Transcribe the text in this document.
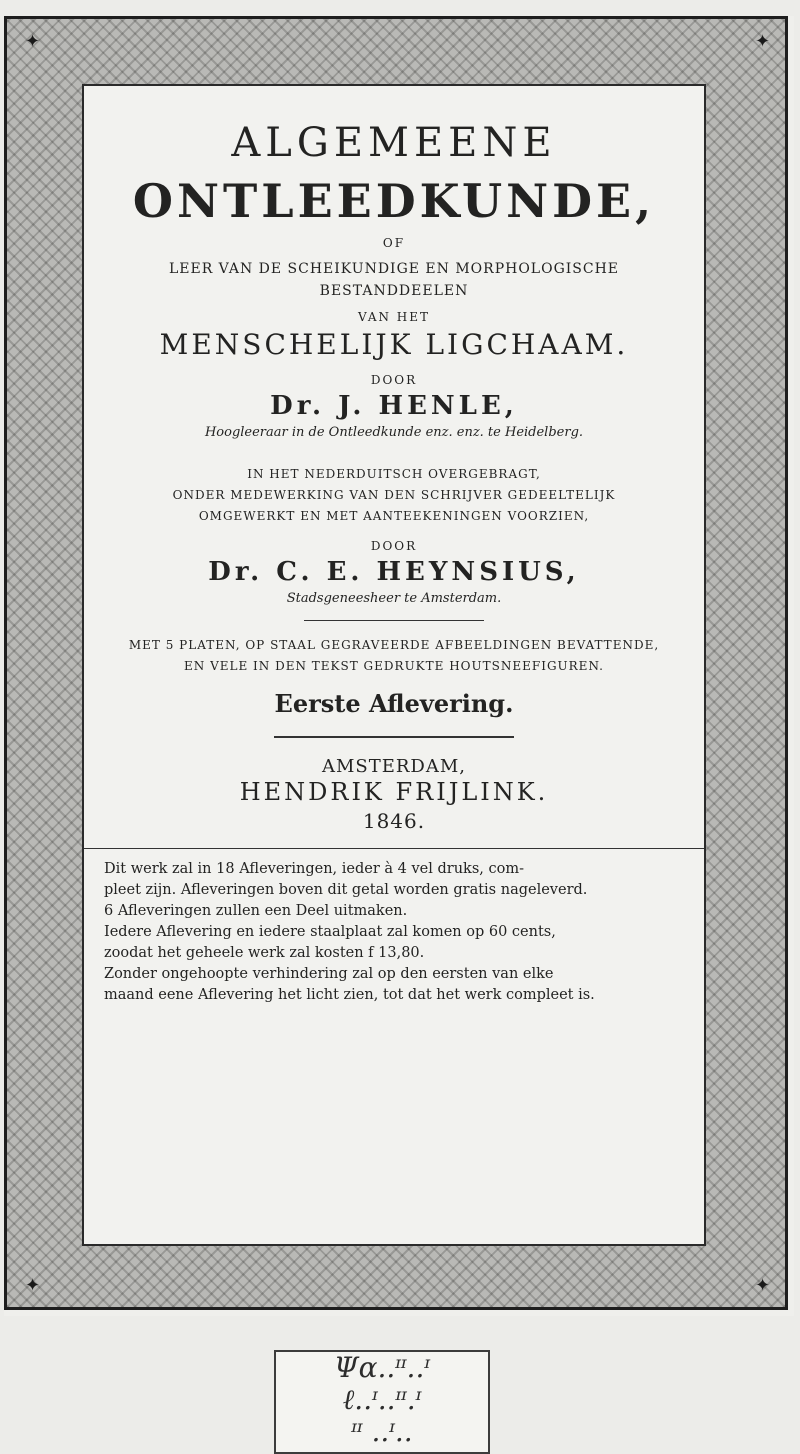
✦	✦
✦	✦

ALGEMEENE

ONTLEEDKUNDE,

OF

LEER VAN DE SCHEIKUNDIGE EN MORPHOLOGISCHE

BESTANDDEELEN

VAN HET

MENSCHELIJK LIGCHAAM.

DOOR

Dr. J. HENLE,

Hoogleeraar in de Ontleedkunde enz. enz. te Heidelberg.

IN HET NEDERDUITSCH OVERGEBRAGT,

ONDER MEDEWERKING VAN DEN SCHRIJVER GEDEELTELIJK

OMGEWERKT EN MET AANTEEKENINGEN VOORZIEN,

DOOR

Dr. C. E. HEYNSIUS,

Stadsgeneesheer te Amsterdam.

MET 5 PLATEN, OP STAAL GEGRAVEERDE AFBEELDINGEN BEVATTENDE,

EN VELE IN DEN TEKST GEDRUKTE HOUTSNEEFIGUREN.

Eerste Aflevering.

AMSTERDAM,

HENDRIK FRIJLINK.

1846.

Dit werk zal in 18 Afleveringen, ieder à 4 vel druks, com-
pleet zijn. Afleveringen boven dit getal worden gratis nageleverd.
6 Afleveringen zullen een Deel uitmaken.
Iedere Aflevering en iedere staalplaat zal komen op 60 cents,
zoodat het geheele werk zal kosten f 13,80.
Zonder ongehoopte verhindering zal op den eersten van elke
maand eene Aflevering het licht zien, tot dat het werk compleet is.
Ψα..ᶦᶦ..ᶦ
ℓ..ᶦ..ᶦᶦ.ᶦ
ᶦᶦ ..ᶦ..
